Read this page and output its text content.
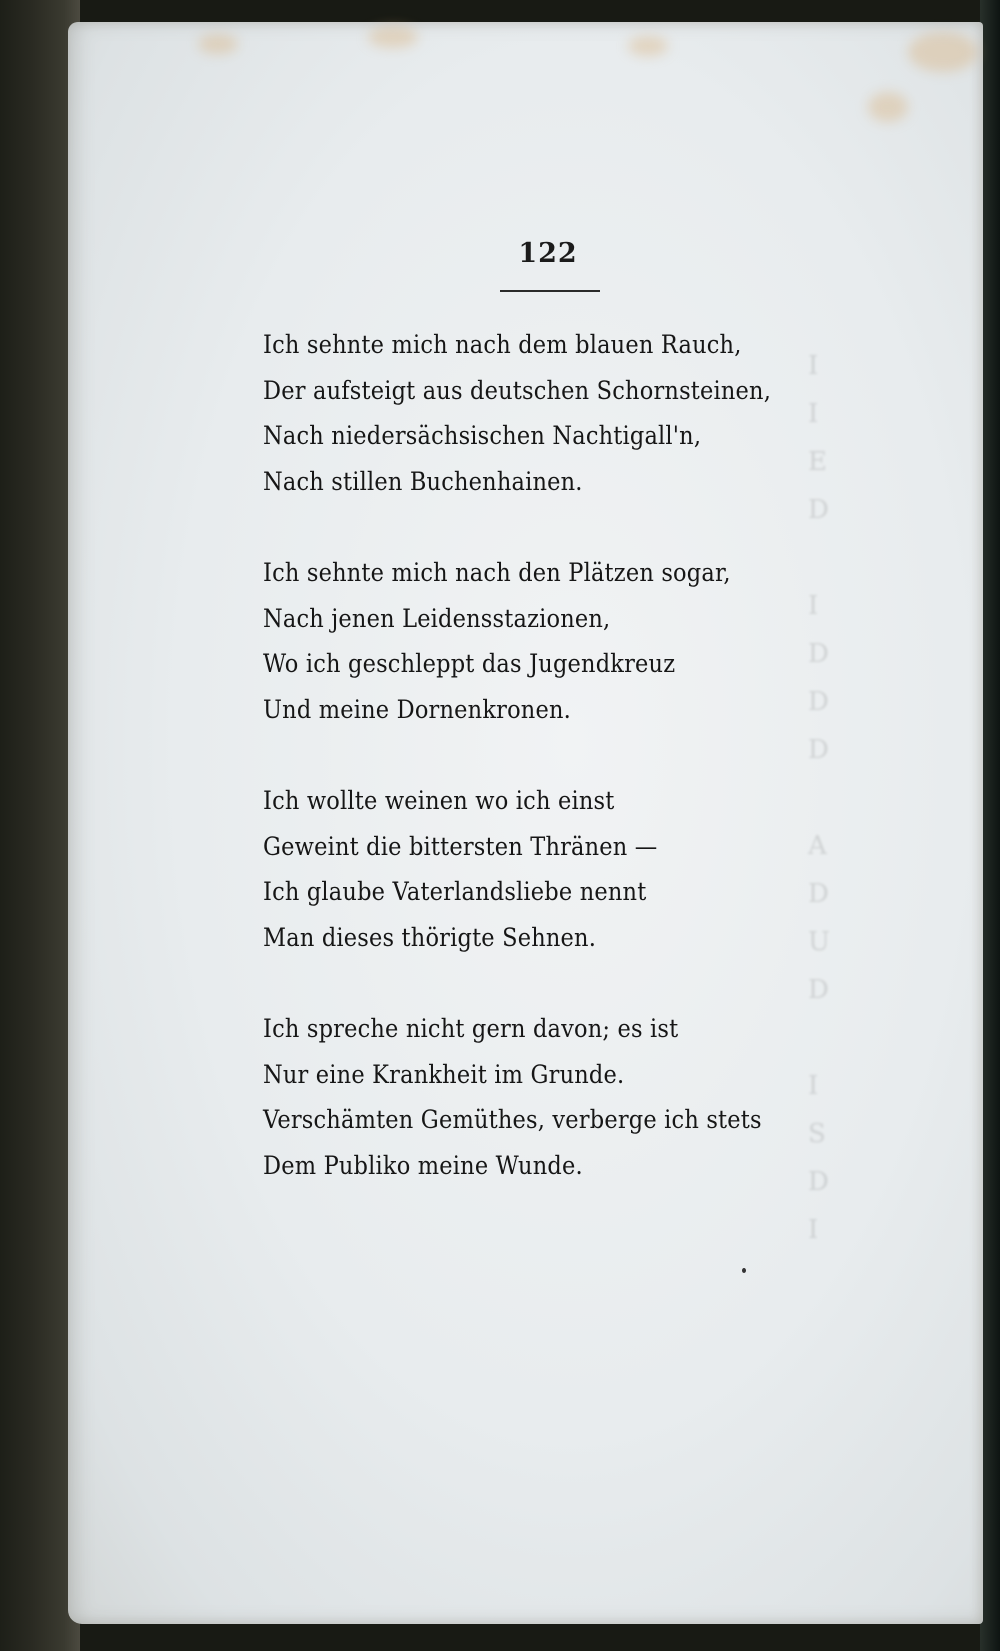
I
I
E
D
I
D
D
D
A
D
U
D
I
S
D
I
122
Ich sehnte mich nach dem blauen Rauch,
Der aufsteigt aus deutschen Schornsteinen,
Nach niedersächsischen Nachtigall'n,
Nach stillen Buchenhainen.
Ich sehnte mich nach den Plätzen sogar,
Nach jenen Leidensstazionen,
Wo ich geschleppt das Jugendkreuz
Und meine Dornenkronen.
Ich wollte weinen wo ich einst
Geweint die bittersten Thränen —
Ich glaube Vaterlandsliebe nennt
Man dieses thörigte Sehnen.
Ich spreche nicht gern davon; es ist
Nur eine Krankheit im Grunde.
Verschämten Gemüthes, verberge ich stets
Dem Publiko meine Wunde.
